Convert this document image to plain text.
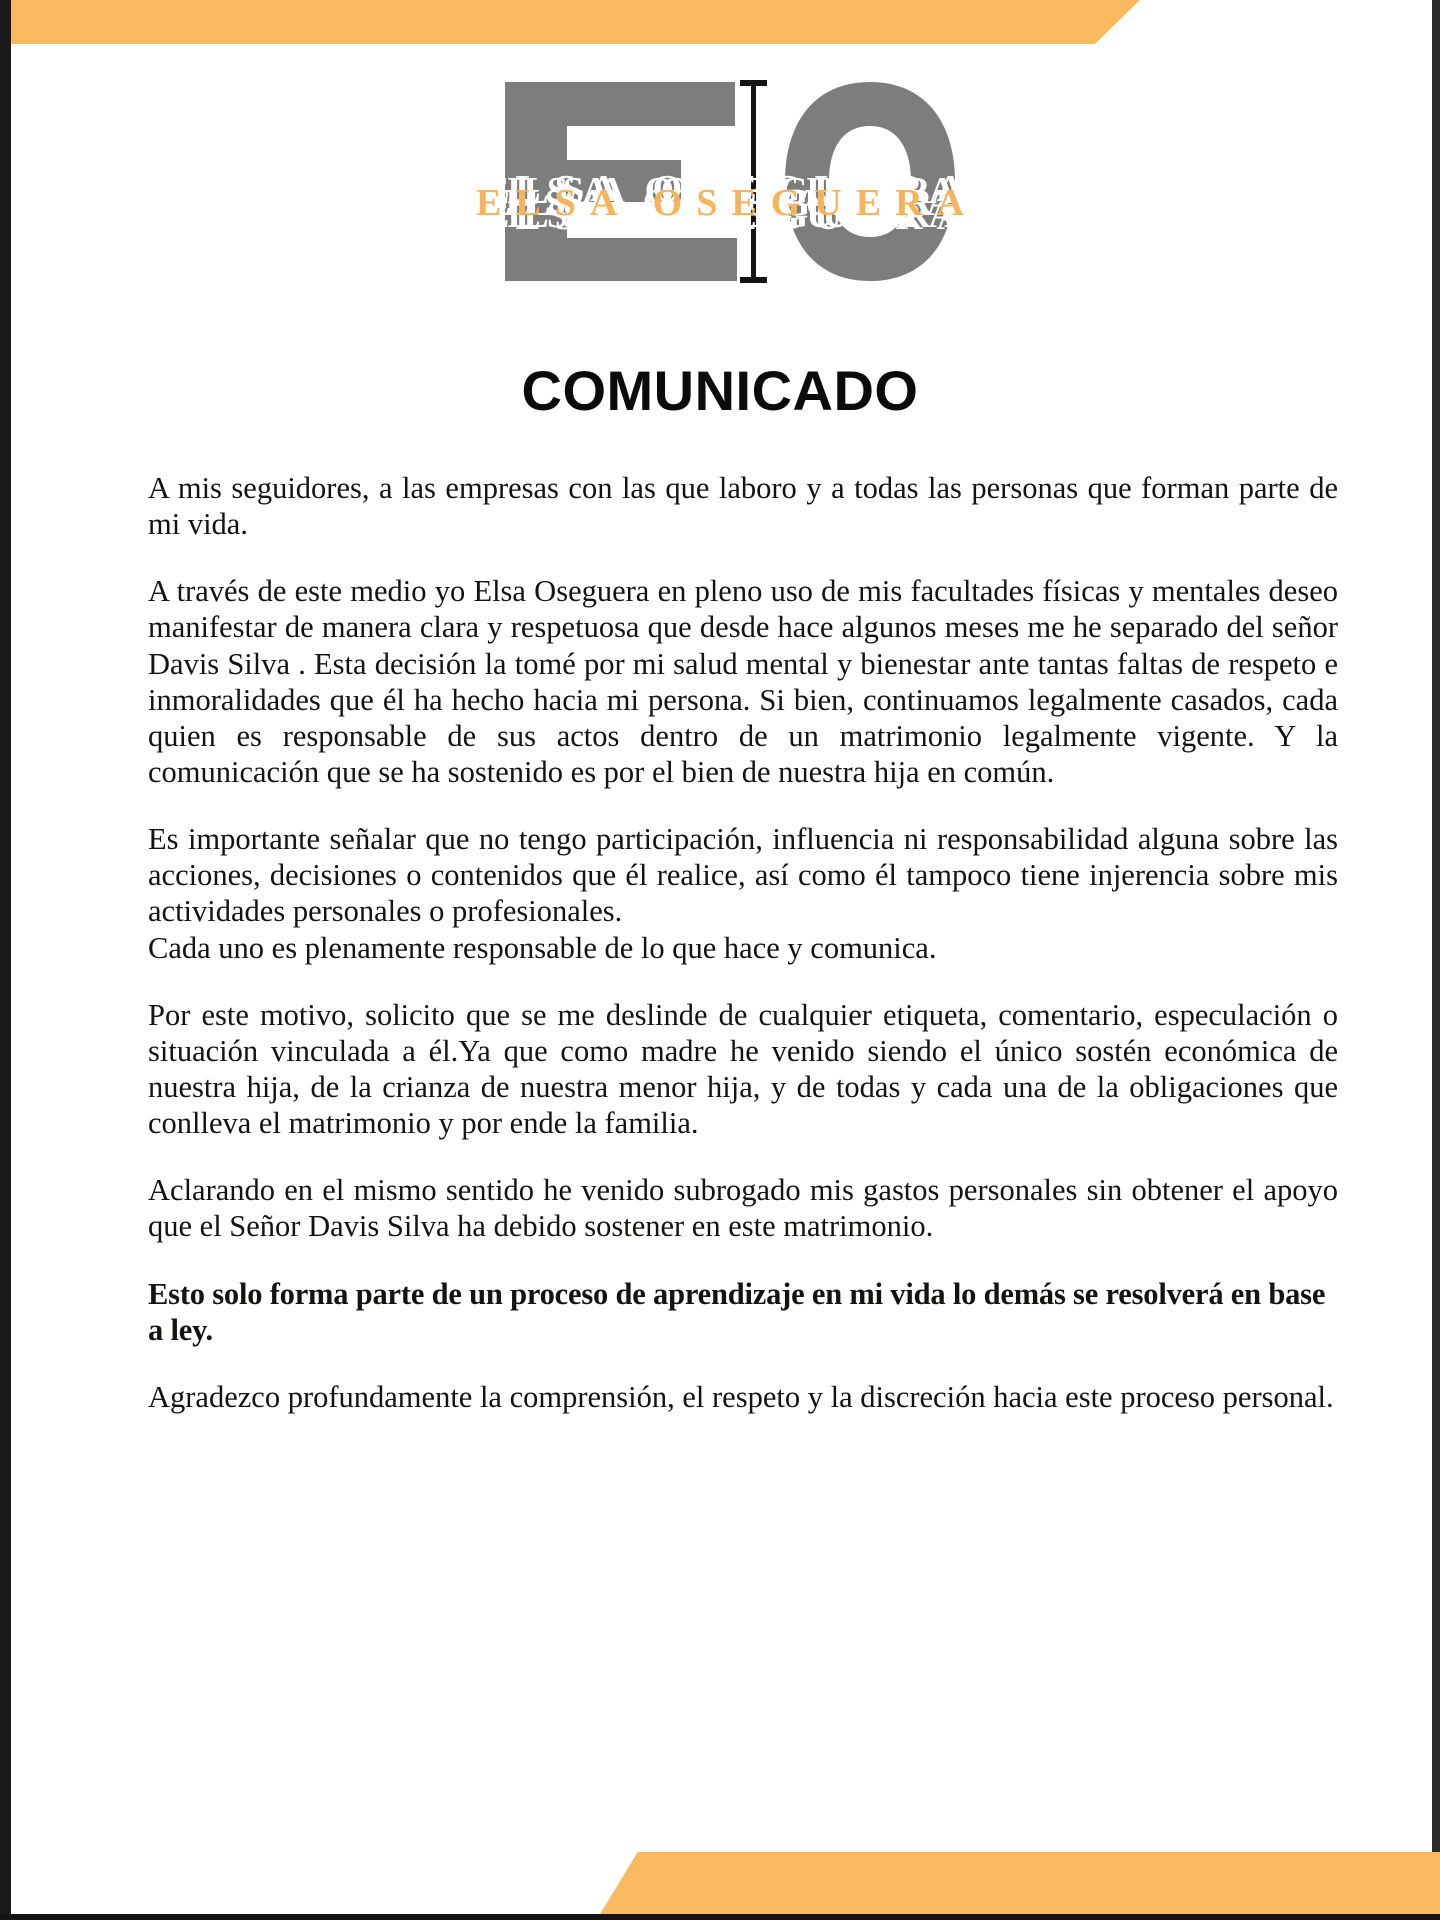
ELSA OSEGUERA
COMUNICADO

A mis seguidores, a las empresas con las que laboro y a todas las personas que forman parte de mi vida.

A través de este medio yo Elsa Oseguera en pleno uso de mis facultades físicas y mentales deseo manifestar de manera clara y respetuosa que desde hace algunos meses me he separado del señor Davis Silva . Esta decisión la tomé por mi salud mental y bienestar ante tantas faltas de respeto e inmoralidades que él ha hecho hacia mi persona. Si bien, continuamos legalmente casados, cada quien es responsable de sus actos dentro de un matrimonio legalmente vigente. Y la comunicación que se ha sostenido es por el bien de nuestra hija en común.

Es importante señalar que no tengo participación, influencia ni responsabilidad alguna sobre las acciones, decisiones o contenidos que él realice, así como él tampoco tiene injerencia sobre mis actividades personales o profesionales.

Cada uno es plenamente responsable de lo que hace y comunica.

Por este motivo, solicito que se me deslinde de cualquier etiqueta, comentario, especulación o situación vinculada a él.Ya que como madre he venido siendo el único sostén económica de nuestra hija, de la crianza de nuestra menor hija, y de todas y cada una de la obligaciones que conlleva el matrimonio y por ende la familia.

Aclarando en el mismo sentido he venido subrogado mis gastos personales sin obtener el apoyo que el Señor Davis Silva ha debido sostener en este matrimonio.

Esto solo forma parte de un proceso de aprendizaje en mi vida lo demás se resolverá en base a ley.

Agradezco profundamente la comprensión, el respeto y la discreción hacia este proceso personal.
